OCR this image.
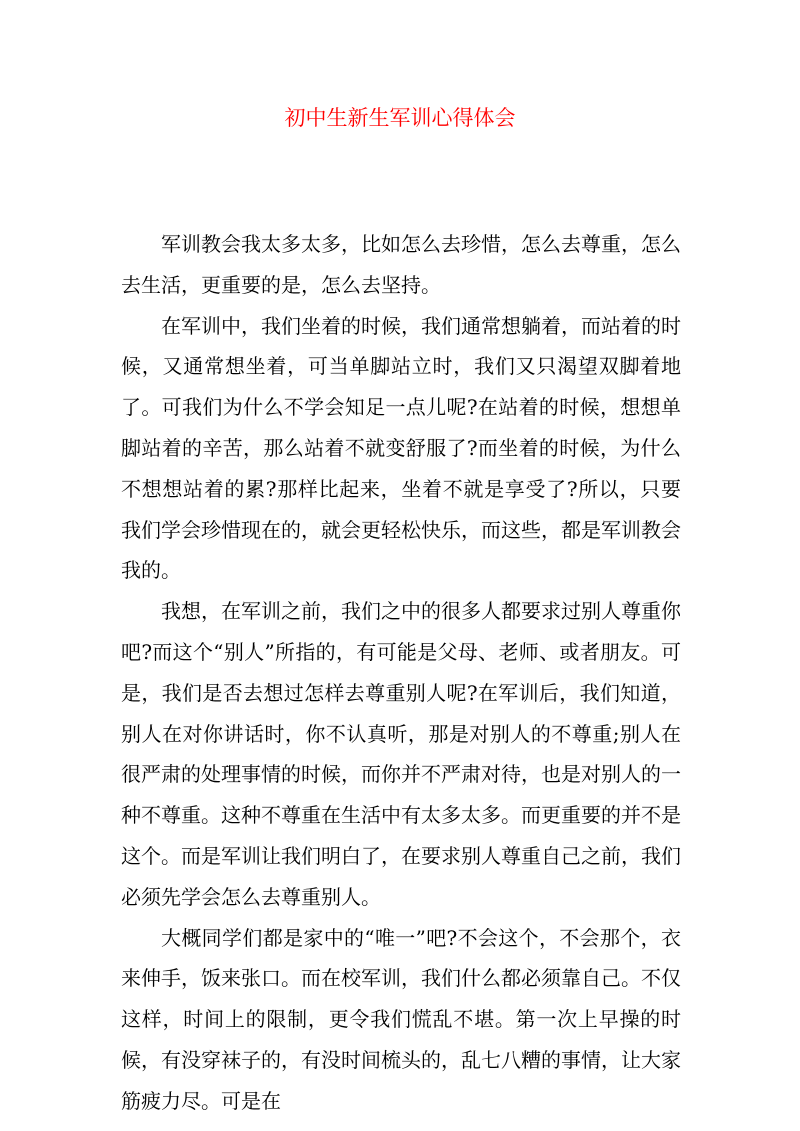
初中生新生军训心得体会

军训教会我太多太多，比如怎么去珍惜，怎么去尊重，怎么去生活，更重要的是，怎么去坚持。

在军训中，我们坐着的时候，我们通常想躺着，而站着的时候，又通常想坐着，可当单脚站立时，我们又只渴望双脚着地了。可我们为什么不学会知足一点儿呢?在站着的时候，想想单脚站着的辛苦，那么站着不就变舒服了?而坐着的时候，为什么不想想站着的累?那样比起来，坐着不就是享受了?所以，只要我们学会珍惜现在的，就会更轻松快乐，而这些，都是军训教会我的。

我想，在军训之前，我们之中的很多人都要求过别人尊重你吧?而这个“别人”所指的，有可能是父母、老师、或者朋友。可是，我们是否去想过怎样去尊重别人呢?在军训后，我们知道，别人在对你讲话时，你不认真听，那是对别人的不尊重;别人在很严肃的处理事情的时候，而你并不严肃对待，也是对别人的一种不尊重。这种不尊重在生活中有太多太多。而更重要的并不是这个。而是军训让我们明白了，在要求别人尊重自己之前，我们必须先学会怎么去尊重别人。

大概同学们都是家中的“唯一”吧?不会这个，不会那个，衣来伸手，饭来张口。而在校军训，我们什么都必须靠自己。不仅这样，时间上的限制，更令我们慌乱不堪。第一次上早操的时候，有没穿袜子的，有没时间梳头的，乱七八糟的事情，让大家筋疲力尽。可是在
